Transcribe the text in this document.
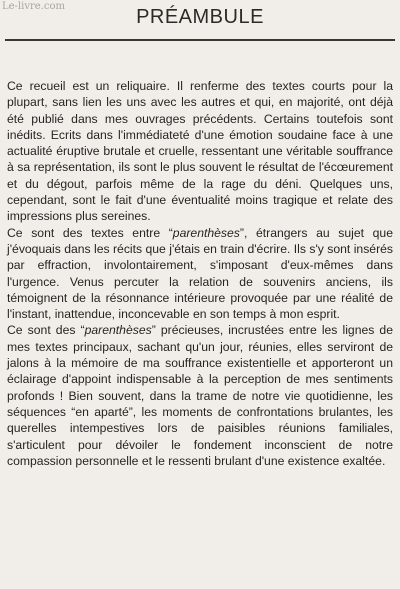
Le-livre.com	PRÉAMBULE

Ce recueil est un reliquaire. Il renferme des textes courts pour la plupart, sans lien les uns avec les autres et qui, en majorité, ont déjà été publié dans mes ouvrages précédents. Certains toutefois sont inédits. Ecrits dans l'immédiateté d'une émotion soudaine face à une actualité éruptive brutale et cruelle, ressentant une véritable souffrance à sa représentation, ils sont le plus souvent le résultat de l'écœurement et du dégout, parfois même de la rage du déni. Quelques uns, cependant, sont le fait d'une éventualité moins tragique et relate des impressions plus sereines.

Ce sont des textes entre “parenthèses”, étrangers au sujet que j'évoquais dans les récits que j'étais en train d'écrire. Ils s'y sont insérés par effraction, involontairement, s'imposant d'eux-mêmes dans l'urgence. Venus percuter la relation de souvenirs anciens, ils témoignent de la résonnance intérieure provoquée par une réalité de l'instant, inattendue, inconcevable en son temps à mon esprit.

Ce sont des “parenthèses” précieuses, incrustées entre les lignes de mes textes principaux, sachant qu'un jour, réunies, elles serviront de jalons à la mémoire de ma souffrance existentielle et apporteront un éclairage d'appoint indispensable à la perception de mes sentiments profonds ! Bien souvent, dans la trame de notre vie quotidienne, les séquences “en aparté”, les moments de confrontations brulantes, les querelles intempestives lors de paisibles réunions familiales, s'articulent pour dévoiler le fondement inconscient de notre compassion personnelle et le ressenti brulant d'une existence exaltée.
